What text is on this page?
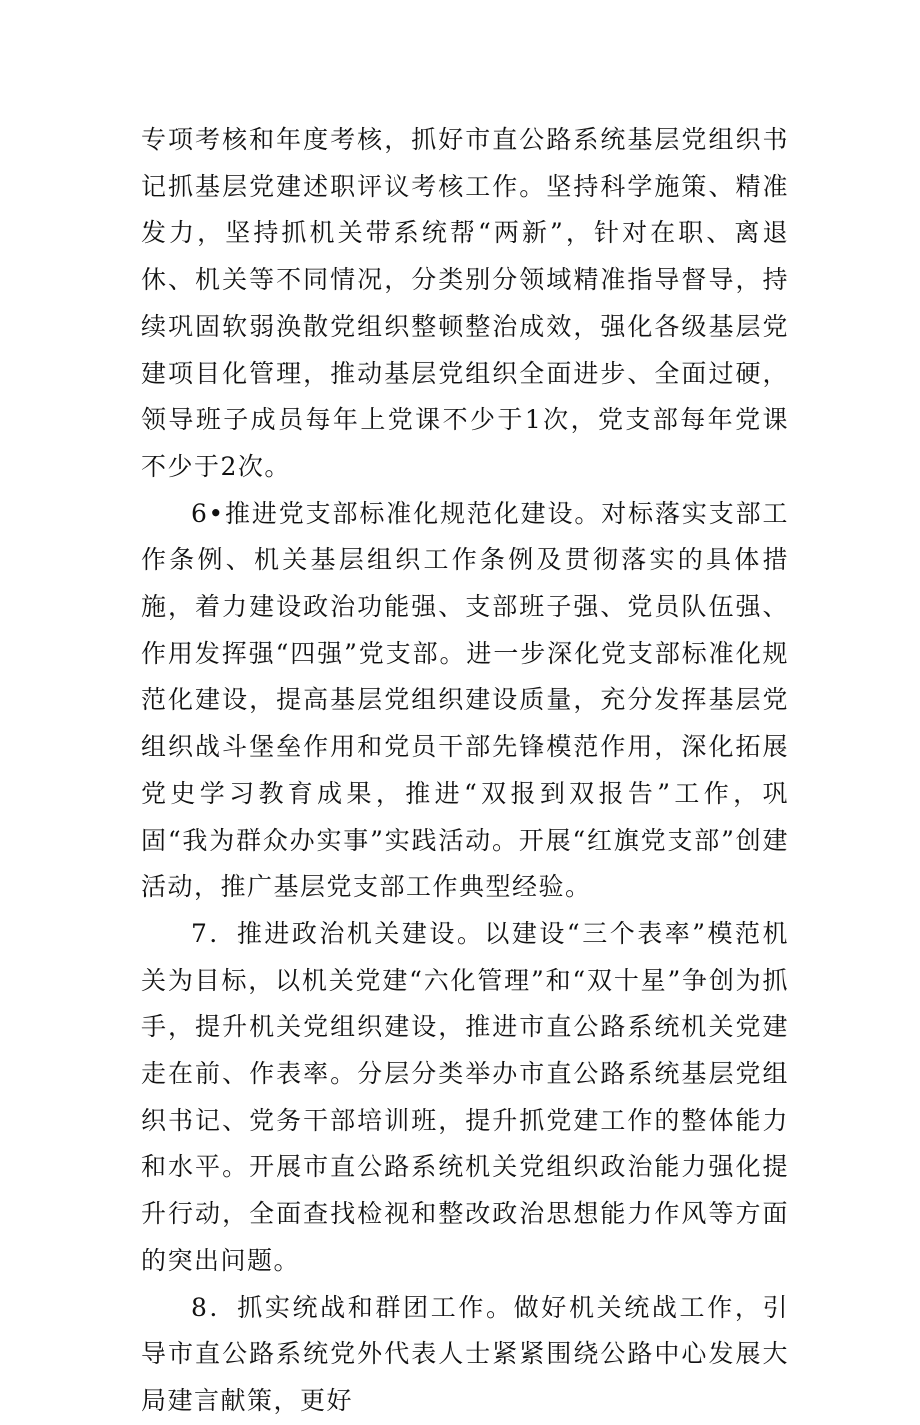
专项考核和年度考核，抓好市直公路系统基层党组织书记抓基层党建述职评议考核工作。坚持科学施策、精准发力，坚持抓机关带系统帮“两新”，针对在职、离退休、机关等不同情况，分类别分领域精准指导督导，持续巩固软弱涣散党组织整顿整治成效，强化各级基层党建项目化管理，推动基层党组织全面进步、全面过硬，领导班子成员每年上党课不少于1次，党支部每年党课不少于2次。

6•推进党支部标准化规范化建设。对标落实支部工作条例、机关基层组织工作条例及贯彻落实的具体措施，着力建设政治功能强、支部班子强、党员队伍强、作用发挥强“四强”党支部。进一步深化党支部标准化规范化建设，提高基层党组织建设质量，充分发挥基层党组织战斗堡垒作用和党员干部先锋模范作用，深化拓展党史学习教育成果，推进“双报到双报告”工作，巩固“我为群众办实事”实践活动。开展“红旗党支部”创建活动，推广基层党支部工作典型经验。

7．推进政治机关建设。以建设“三个表率”模范机关为目标，以机关党建“六化管理”和“双十星”争创为抓手，提升机关党组织建设，推进市直公路系统机关党建走在前、作表率。分层分类举办市直公路系统基层党组织书记、党务干部培训班，提升抓党建工作的整体能力和水平。开展市直公路系统机关党组织政治能力强化提升行动，全面查找检视和整改政治思想能力作风等方面的突出问题。

8．抓实统战和群团工作。做好机关统战工作，引导市直公路系统党外代表人士紧紧围绕公路中心发展大局建言献策，更好
